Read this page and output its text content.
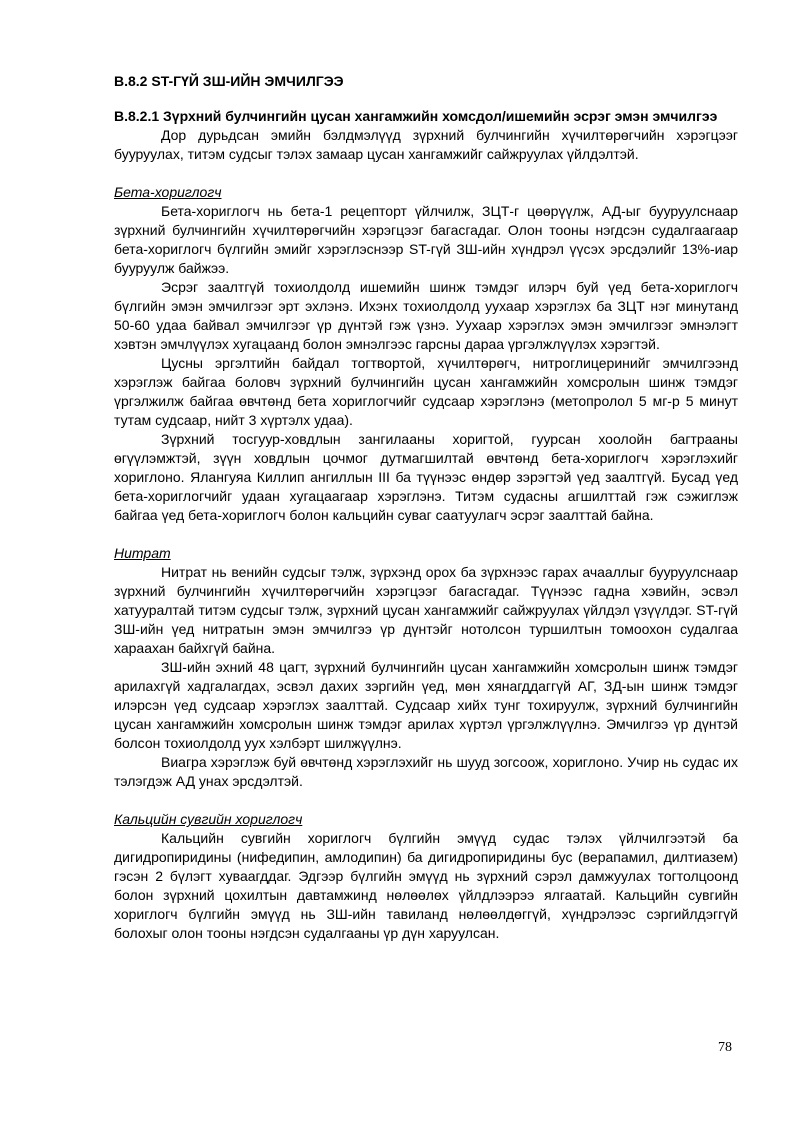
В.8.2 ST-ГҮЙ ЗШ-ИЙН ЭМЧИЛГЭЭ
В.8.2.1 Зүрхний булчингийн цусан хангамжийн хомсдол/ишемийн эсрэг эмэн эмчилгээ

Дор дурьдсан эмийн бэлдмэлүүд зүрхний булчингийн хүчилтөрөгчийн хэрэгцээг бууруулах, титэм судсыг тэлэх замаар цусан хангамжийг сайжруулах үйлдэлтэй.

Бета-хориглогч

Бета-хориглогч нь бета-1 рецепторт үйлчилж, ЗЦТ-г цөөрүүлж, АД-ыг бууруулснаар зүрхний булчингийн хүчилтөрөгчийн хэрэгцээг багасгадаг. Олон тооны нэгдсэн судалгаагаар бета-хориглогч бүлгийн эмийг хэрэглэснээр ST-гүй ЗШ-ийн хүндрэл үүсэх эрсдэлийг 13%-иар бууруулж байжээ.

Эсрэг заалтгүй тохиолдолд ишемийн шинж тэмдэг илэрч буй үед бета-хориглогч бүлгийн эмэн эмчилгээг эрт эхлэнэ. Ихэнх тохиолдолд уухаар хэрэглэх ба ЗЦТ нэг минутанд 50-60 удаа байвал эмчилгээг үр дүнтэй гэж үзнэ. Уухаар хэрэглэх эмэн эмчилгээг эмнэлэгт хэвтэн эмчлүүлэх хугацаанд болон эмнэлгээс гарсны дараа үргэлжлүүлэх хэрэгтэй.

Цусны эргэлтийн байдал тогтвортой, хүчилтөрөгч, нитроглицеринийг эмчилгээнд хэрэглэж байгаа боловч зүрхний булчингийн цусан хангамжийн хомсролын шинж тэмдэг үргэлжилж байгаа өвчтөнд бета хориглогчийг судсаар хэрэглэнэ (метопролол 5 мг-р 5 минут тутам судсаар, нийт 3 хүртэлх удаа).

Зүрхний тосгуур-ховдлын зангилааны хоригтой, гуурсан хоолойн багтрааны өгүүлэмжтэй, зүүн ховдлын цочмог дутмагшилтай өвчтөнд бета-хориглогч хэрэглэхийг хориглоно. Ялангуяа Киллип ангиллын III ба түүнээс өндөр зэрэгтэй үед заалтгүй. Бусад үед бета-хориглогчийг удаан хугацаагаар хэрэглэнэ. Титэм судасны агшилттай гэж сэжиглэж байгаа үед бета-хориглогч болон кальцийн суваг саатуулагч эсрэг заалттай байна.

Нитрат

Нитрат нь венийн судсыг тэлж, зүрхэнд орох ба зүрхнээс гарах ачааллыг бууруулснаар зүрхний булчингийн хүчилтөрөгчийн хэрэгцээг багасгадаг. Түүнээс гадна хэвийн, эсвэл хатууралтай титэм судсыг тэлж, зүрхний цусан хангамжийг сайжруулах үйлдэл үзүүлдэг. ST-гүй ЗШ-ийн үед нитратын эмэн эмчилгээ үр дүнтэйг нотолсон туршилтын томоохон судалгаа хараахан байхгүй байна.

ЗШ-ийн эхний 48 цагт, зүрхний булчингийн цусан хангамжийн хомсролын шинж тэмдэг арилахгүй хадгалагдах, эсвэл дахих зэргийн үед, мөн хянагддаггүй АГ, ЗД-ын шинж тэмдэг илэрсэн үед судсаар хэрэглэх заалттай. Судсаар хийх тунг тохируулж, зүрхний булчингийн цусан хангамжийн хомсролын шинж тэмдэг арилах хүртэл үргэлжлүүлнэ. Эмчилгээ үр дүнтэй болсон тохиолдолд уух хэлбэрт шилжүүлнэ.

Виагра хэрэглэж буй өвчтөнд хэрэглэхийг нь шууд зогсоож, хориглоно. Учир нь судас их тэлэгдэж АД унах эрсдэлтэй.

Кальцийн сувгийн хориглогч

Кальцийн сувгийн хориглогч бүлгийн эмүүд судас тэлэх үйлчилгээтэй ба дигидропиридины (нифедипин, амлодипин) ба дигидропиридины бус (верапамил, дилтиазем) гэсэн 2 бүлэгт хуваагддаг. Эдгээр бүлгийн эмүүд нь зүрхний сэрэл дамжуулах тогтолцоонд болон зүрхний цохилтын давтамжинд нөлөөлөх үйлдлээрээ ялгаатай. Кальцийн сувгийн хориглогч бүлгийн эмүүд нь ЗШ-ийн тавиланд нөлөөлдөггүй, хүндрэлээс сэргийлдэггүй болохыг олон тооны нэгдсэн судалгааны үр дүн харуулсан.

78
